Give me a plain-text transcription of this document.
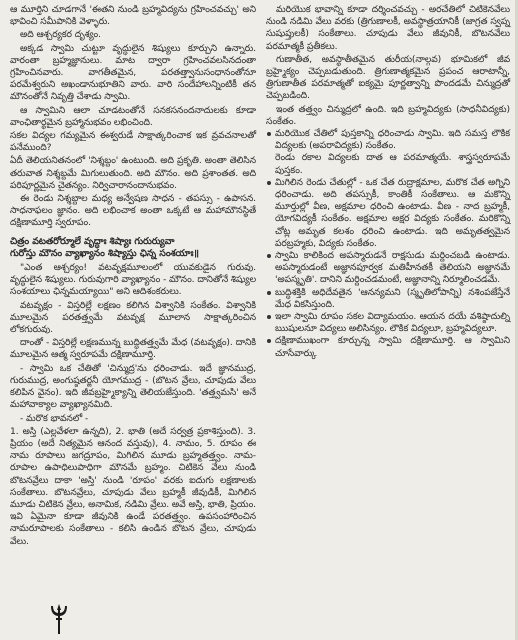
ఆ మూర్తిని చూడగానే 'ఈతని నుండి బ్రహ్మవిద్యను గ్రహించవచ్చు' అని భావించి సమీపానికి వెళ్ళారు.

అది ఆశ్చర్యకర దృశ్యం.

అక్కడ స్వామి చుట్టూ వృద్ధులైన శిష్యులు కూర్చుని ఉన్నారు. వారంతా బ్రహ్మజ్ఞానులు. మాట ద్వారా గ్రహించవలసినదంతా గ్రహించినవారు. వాగతీతమైన, పరతత్త్వానుసంధానంతోనూ పరమేశ్వరుని అఖండానుభూతిని వారు. వారి సందేహాలన్నింటికీ తన మౌనంతోనే నివృత్తి చేశాడు స్వామి.

ఆ స్వామిని ఆలా చూడటంతోనే సనకసనందనాదులకు కూడా వాంఛితార్థమైన బ్రహ్మానుభవం లభించింది.

సకల విద్యల గమ్యమైన ఈశ్వరుడే సాక్షాత్కరించాక ఇక వ్రవచనాలతో పనేముంది?

ఏదీ తెలియనితనంలో 'నిశ్శబ్దం' ఉంటుంది. అది ప్రకృతి. అంతా తెలిసిన తరువాత నిశ్శబ్దమే మిగులుతుంది. అది మౌనం. అది ప్రశాంతత. అది పరిపూర్ణమైన చైతన్యం. నిర్విచారానందానుభవం.

ఈ రెండు నిశ్శబ్దాల మధ్య అన్వేషణ సాధన - తపస్సు - ఉపాసన. సాధనాఫలం జ్ఞానం. అది లభించాక అంతా ఒక్కటే ఆ మహామౌనస్థితే దక్షిణామూర్తి స్వరూపం.

చిత్రం వటతరోర్మూలే వృద్ధాః శిష్యాః గురుర్యువా
గురోస్తు మౌనం వ్యాఖ్యానం శిష్యాస్తు ఛిన్న సంశయాః॥

"ఎంత ఆశ్చర్యం! వటవృక్షమూలంలో యువకుడైన గురువు. వృద్ధులైన శిష్యులు. గురువుగారి వ్యాఖ్యానం - మౌనం. దానితోనే శిష్యుల సంశయాలు ఛిన్నమయ్యాయి" అని ఆదిశంకరులు.

వటవృక్షం - విస్తరిల్లే లక్షణం కలిగిన విశ్వానికి సంకేతం. విశ్వానికి మూలమైన పరతత్త్వమే వటవృక్ష మూలాన సాక్షాత్కరించిన లోకగురువు.

దాంతో - విస్తరిల్లే లక్షణమున్న బుద్ధితత్త్వమే మేధ (వటవృక్షం). దానికి మూలమైన ఆత్మ స్వరూపమే దక్షిణామూర్తి.

- స్వామి ఒక చేతితో 'చిన్ముద్ర'ను ధరించాడు. ఇదే జ్ఞానముద్ర, గురుముద్ర, అంగుష్ఠతర్జనీ యోగముద్ర - (బొటన వ్రేలు, చూపుడు వేలు కలిపిన వైనం). ఇది జీవబ్రహ్మైక్యాన్ని తెలియజేస్తుంది. 'తత్త్వమసి' అనే మహావాక్యాల వ్యాఖ్యానమిది.

- మరొక భావనలో -

1. అస్తి (ఎల్లవేళలా ఉన్నది), 2. భాతి (అదే సర్వత్ర ప్రకాశిస్తుంది). 3. ప్రియం (అదే నిత్యమైన ఆనంద వస్తువు), 4. నామం, 5. రూపం ఈ నామ రూపాలు జగద్రూపం, మిగిలిన మూడు బ్రహ్మతత్త్వం. నామ-రూపాల ఉపాధిలుపాధిగా మౌనమే బ్రహ్మం. చిటికెన వేలు నుండి బొటనవ్రేలు దాకా 'అస్తి' నుండి 'రూపం' వరకు ఐదుగు లక్షణాలకు సంకేతాలు. బొటనవ్రేలు, చూపుడు వేలు బ్రహ్మకీ జీవుడికీ, మిగిలిన మూడు చిటికెన వ్రేలు, అనామిక, నడిమి వ్రేలు. అవే అస్తి, భాతి, ప్రియం. ఇవి ఏమైనా కూడా జీవునికి ఉండే పరతత్త్వం. ఉపసంహారించిన నామరూపాలకు సంకేతాలు - కలిసి ఉండిన బొటన వ్రేలు, చూపుడు వేలు.

మరియొక భావాన్ని కూడా దర్శించవచ్చు - అరచేతిలో చిటికెనవేలు నుండి నడిమి వేలు వరకు (త్రిగుణాలకీ, అవస్థాత్రయానికీ (జాగ్రత స్వప్న సుషుప్తులకీ) సంకేతాలు. చూపుడు వేలు జీవునికీ, బొటనవేలు పరమాత్మకీ ప్రతీకలు.

గుణాతీత, అవస్థాతీతమైన తురీయ(నాల్గవ) భూమికలో జీవ బ్రహ్మైక్యం చెప్పబడుతుంది. త్రిగుణాత్మకమైన ప్రపంచ ఆరాటాన్నీ, త్రిగుణాతీత పరమాత్మతో ఐక్యమై పూర్ణత్వాన్ని పొందడమే చిన్ముద్రతో చెప్పబడింది.

ఇంత తత్త్వం చిన్ముద్రలో ఉంది. ఇది బ్రహ్మవిద్యకు (సాధనీవిద్యకు) సంకేతం.

మరియొక చేతిలో పుస్తకాన్ని ధరించాడు స్వామి. ఇది సమస్త లౌకిక విద్యలకు (అపరావిద్యకు) సంకేతం.
రెండు రకాల విద్యలకు దాత ఆ పరమాత్మయే. శాస్త్రస్వరూపమే పుస్తకం.
మిగిలిన రెండు చేతుల్లో - ఒక చేత రుద్రాక్షమాల, మరొక చేత అగ్నిని ధరించాడు. అది తపస్సుకీ, కాంతికీ సంకేతాలు. ఆ మకొన్ని మూర్తుల్లో వీణ, అక్షమాల ధరించి ఉంటాడు. వీణ - నాద బ్రహ్మకీ, యోగవిద్యకీ సంకేతం. అక్షమాల అక్షర విద్యకు సంకేతం. మరికొన్ని చోట్ల అమృత కలశం ధరించి ఉంటాడు. ఇది అమృతత్వమైన పరబ్రహ్మకు, విద్యకు సంకేతం.
స్వామి కాలికింద అపస్మారుడనే రాక్షసుడు మర్దించబడి ఉంటాడు. అపస్మారుడంటే అజ్ఞానపూర్వక మతిహీనతకీ తెలియని అజ్ఞానమే 'అపస్మృతి'. దానిని మర్దించడమంటే, అజ్ఞానాన్ని నిర్మూలించడమే.
బుద్ధిశక్తికి అధిదేవతైన 'ఆనన్యమని (స్మృతిలోపాన్ని) నశింపజేస్తేనే మేధ వికసిస్తుంది.
ఇలా స్వామి రూపం సకల విద్యామయం. ఆయన దయే వశిష్ఠాదుల్ని ఋషులనూ విద్యలు అలిసిన్యం. లౌకిక విద్యలూ, బ్రహ్మవిద్యలూ.
దక్షిణాముఖంగా కూర్చున్న స్వామి దక్షిణామూర్తి. ఆ స్వామిని చూసేవార్కు
